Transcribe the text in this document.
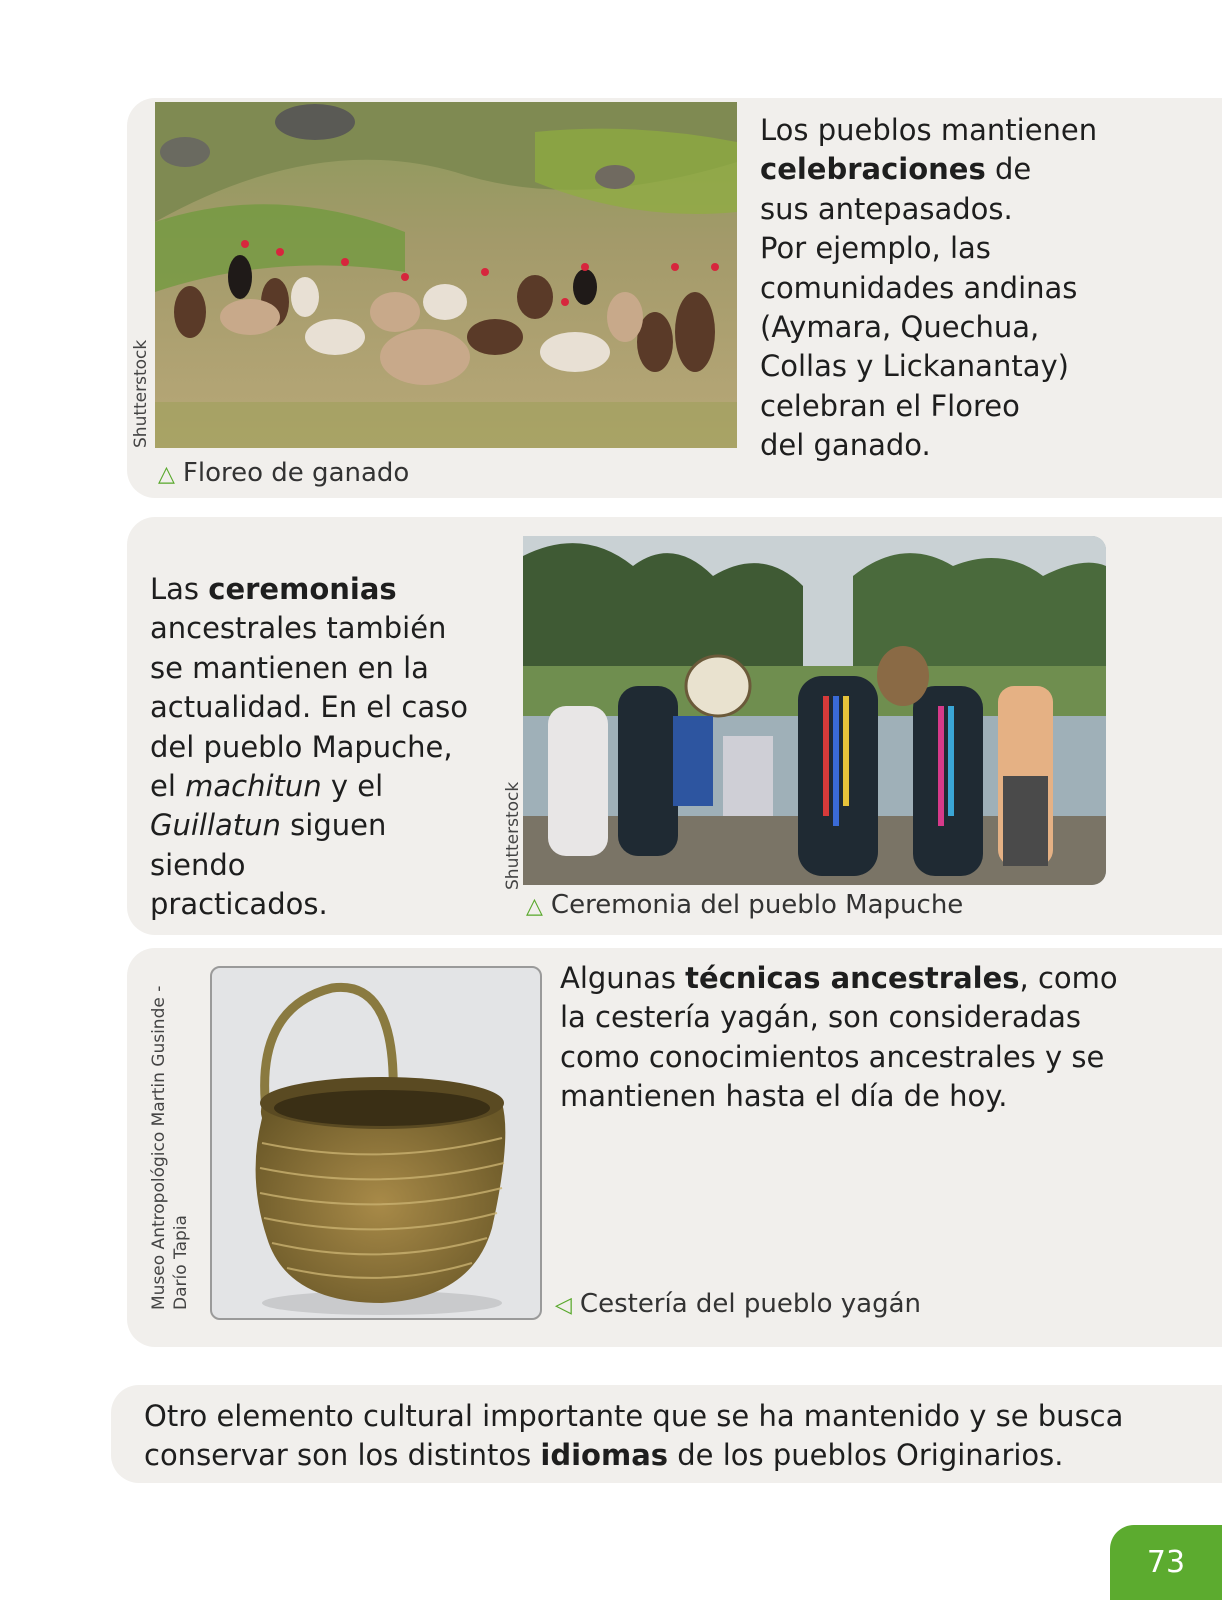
Shutterstock
△ Floreo de ganado
Los pueblos mantienen
celebraciones de
sus antepasados.
Por ejemplo, las
comunidades andinas
(Aymara, Quechua,
Collas y Lickanantay)
celebran el Floreo
del ganado.
Las ceremonias
ancestrales también
se mantienen en la
actualidad. En el caso
del pueblo Mapuche,
el machitun y el
Guillatun siguen siendo
practicados.
Shutterstock
△ Ceremonia del pueblo Mapuche
Museo Antropológico Martin Gusinde - Darío Tapia
Algunas técnicas ancestrales, como
la cestería yagán, son consideradas
como conocimientos ancestrales y se
mantienen hasta el día de hoy.
◁ Cestería del pueblo yagán
Otro elemento cultural importante que se ha mantenido y se busca
conservar son los distintos idiomas de los pueblos Originarios.
73
